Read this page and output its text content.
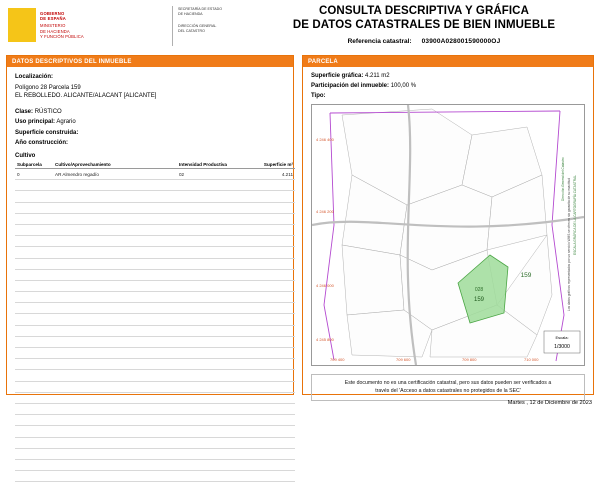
GOBIERNO
DE ESPAÑA
MINISTERIO
DE HACIENDA
Y FUNCIÓN PÚBLICA
SECRETARÍA DE ESTADO
DE HACIENDA
DIRECCIÓN GENERAL
DEL CATASTRO
CONSULTA DESCRIPTIVA Y GRÁFICA
DE DATOS CATASTRALES DE BIEN INMUEBLE
Referencia catastral: 03900A028001590000OJ
DATOS DESCRIPTIVOS DEL INMUEBLE
Localización:
Polígono 28 Parcela 159
EL REBOLLEDO. ALICANTE/ALACANT [ALICANTE]
Clase: RÚSTICO
Uso principal: Agrario
Superficie construida:
Año construcción:
Cultivo
Subparcela	Cultivo/Aprovechamiento	Intensidad Productiva	Superficie m²
0	AR Almendro regadío	02	4.211

PARCELA
Superficie gráfica: 4.211 m2
Participación del inmueble: 100,00 %
Tipo:
028
159
159
4 246 400
4 246 200
4 246 000
4 245 800
709 400	709 600	709 800	710 000
Los datos gráficos representados por un servicio WMS se ofrecen sin garantía de su exactitud ESCALA GRÁFICA DE LA CARTOGRAFÍA CATASTRAL
Dirección General del Catastro
Escala:
1/3000
Este documento no es una certificación catastral, pero sus datos pueden ser verificados a
través del 'Acceso a datos catastrales no protegidos de la SEC'
Martes , 12 de Diciembre de 2023
